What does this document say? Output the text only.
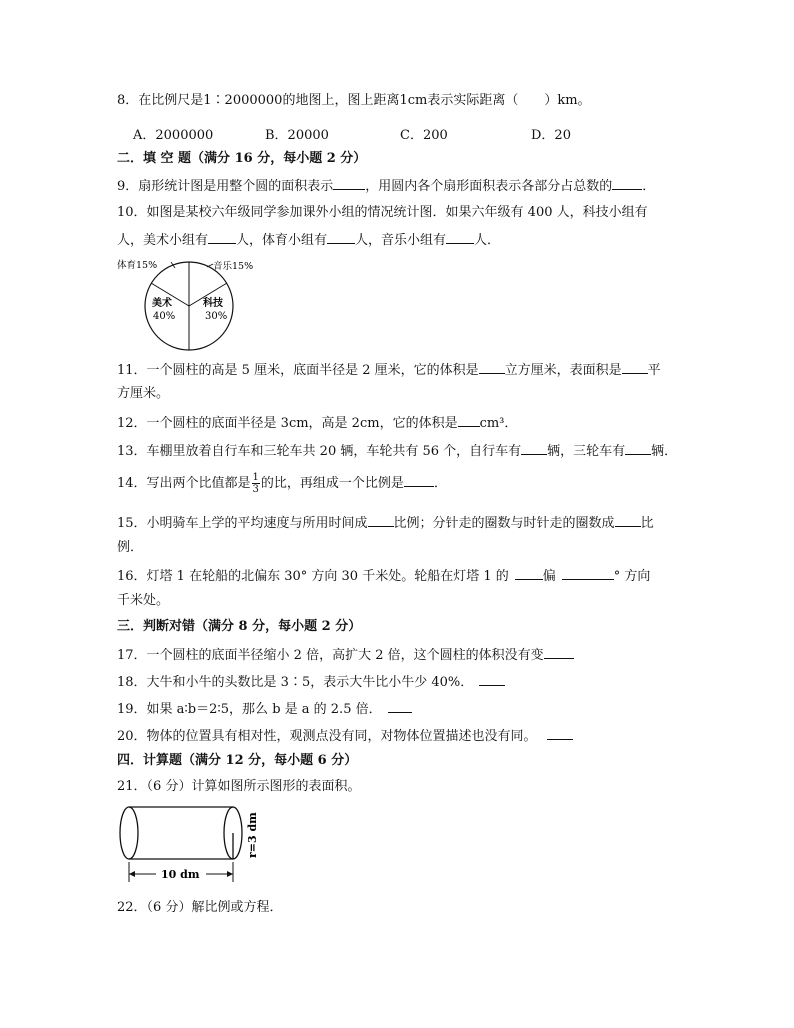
8．在比例尺是1∶2000000的地图上，图上距离1cm表示实际距离（　　）km。
A．2000000	B．20000	C．200	D．20
二．填 空 题（满分 16 分，每小题 2 分）
9．扇形统计图是用整个圆的面积表示 ，用圆内各个扇形面积表示各部分占总数的 ．
10．如图是某校六年级同学参加课外小组的情况统计图．如果六年级有 400 人，科技小组有
人，美术小组有 人，体育小组有 人，音乐小组有 人．
体育15%	音乐15%
美术
40%
科技
30%
11．一个圆柱的高是 5 厘米，底面半径是 2 厘米，它的体积是 立方厘米，表面积是 平
方厘米。
12．一个圆柱的底面半径是 3cm，高是 2cm，它的体积是 cm³．
13．车棚里放着自行车和三轮车共 20 辆，车轮共有 56 个，自行车有 辆，三轮车有 辆．
14．写出两个比值都是 $\frac{1}{3}$ 的比，再组成一个比例是 ．
15．小明骑车上学的平均速度与所用时间成 比例；分针走的圈数与时针走的圈数成 比
例．
16．灯塔 1 在轮船的北偏东 30° 方向 30 千米处。轮船在灯塔 1 的	偏	° 方向
千米处。
三．判断对错（满分 8 分，每小题 2 分）
17．一个圆柱的底面半径缩小 2 倍，高扩大 2 倍，这个圆柱的体积没有变
18．大牛和小牛的头数比是 3∶5，表示大牛比小牛少 40%．
19．如果 a∶b＝2∶5，那么 b 是 a 的 2.5 倍．
20．物体的位置具有相对性，观测点没有同，对物体位置描述也没有同。
四．计算题（满分 12 分，每小题 6 分）
21．（6 分）计算如图所示图形的表面积。
10 dm
r=3 dm
22．（6 分）解比例或方程．
